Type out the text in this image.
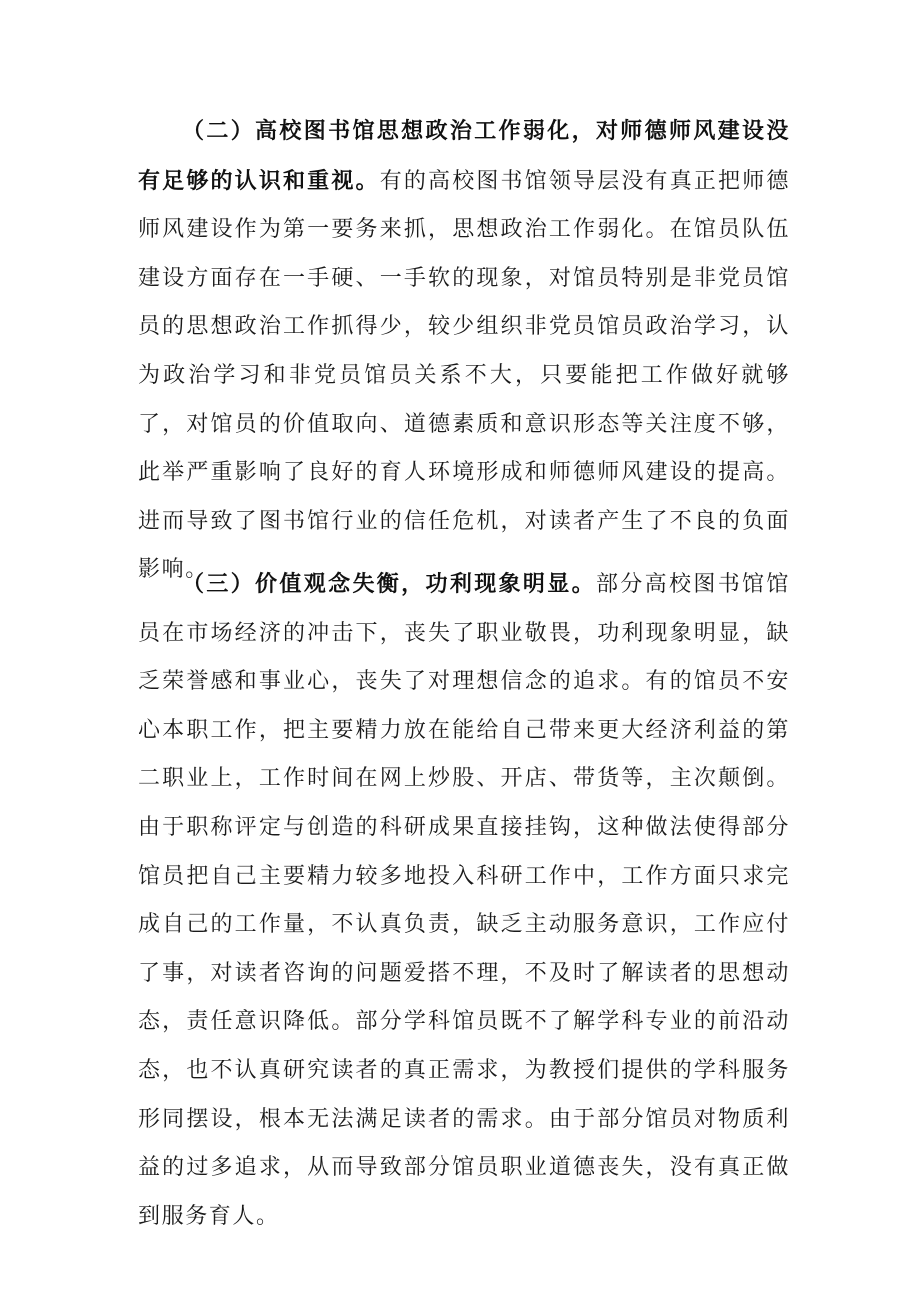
（二）高校图书馆思想政治工作弱化，对师德师风建设没有足够的认识和重视。有的高校图书馆领导层没有真正把师德师风建设作为第一要务来抓，思想政治工作弱化。在馆员队伍建设方面存在一手硬、一手软的现象，对馆员特别是非党员馆员的思想政治工作抓得少，较少组织非党员馆员政治学习，认为政治学习和非党员馆员关系不大，只要能把工作做好就够了，对馆员的价值取向、道德素质和意识形态等关注度不够，此举严重影响了良好的育人环境形成和师德师风建设的提高。进而导致了图书馆行业的信任危机，对读者产生了不良的负面影响。

（三）价值观念失衡，功利现象明显。部分高校图书馆馆员在市场经济的冲击下，丧失了职业敬畏，功利现象明显，缺乏荣誉感和事业心，丧失了对理想信念的追求。有的馆员不安心本职工作，把主要精力放在能给自己带来更大经济利益的第二职业上，工作时间在网上炒股、开店、带货等，主次颠倒。由于职称评定与创造的科研成果直接挂钩，这种做法使得部分馆员把自己主要精力较多地投入科研工作中，工作方面只求完成自己的工作量，不认真负责，缺乏主动服务意识，工作应付了事，对读者咨询的问题爱搭不理，不及时了解读者的思想动态，责任意识降低。部分学科馆员既不了解学科专业的前沿动态，也不认真研究读者的真正需求，为教授们提供的学科服务形同摆设，根本无法满足读者的需求。由于部分馆员对物质利益的过多追求，从而导致部分馆员职业道德丧失，没有真正做到服务育人。
